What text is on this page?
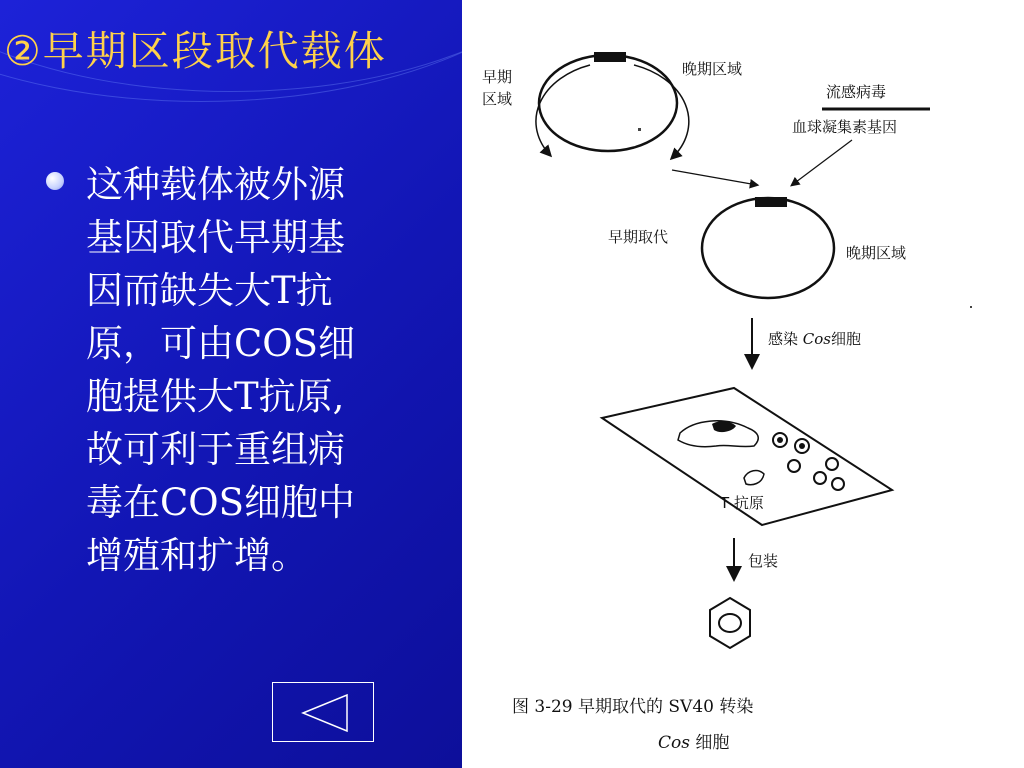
②早期区段取代载体
这种载体被外源
基因取代早期基
因而缺失大T抗
原，可由COS细
胞提供大T抗原,
故可利于重组病
毒在COS细胞中
增殖和扩增。
早期
区域
晚期区域
流感病毒
血球凝集素基因
早期取代
晚期区域
感染 Cos细胞
T 抗原
包装
图 3-29 早期取代的 SV40 转染
Cos 细胞
